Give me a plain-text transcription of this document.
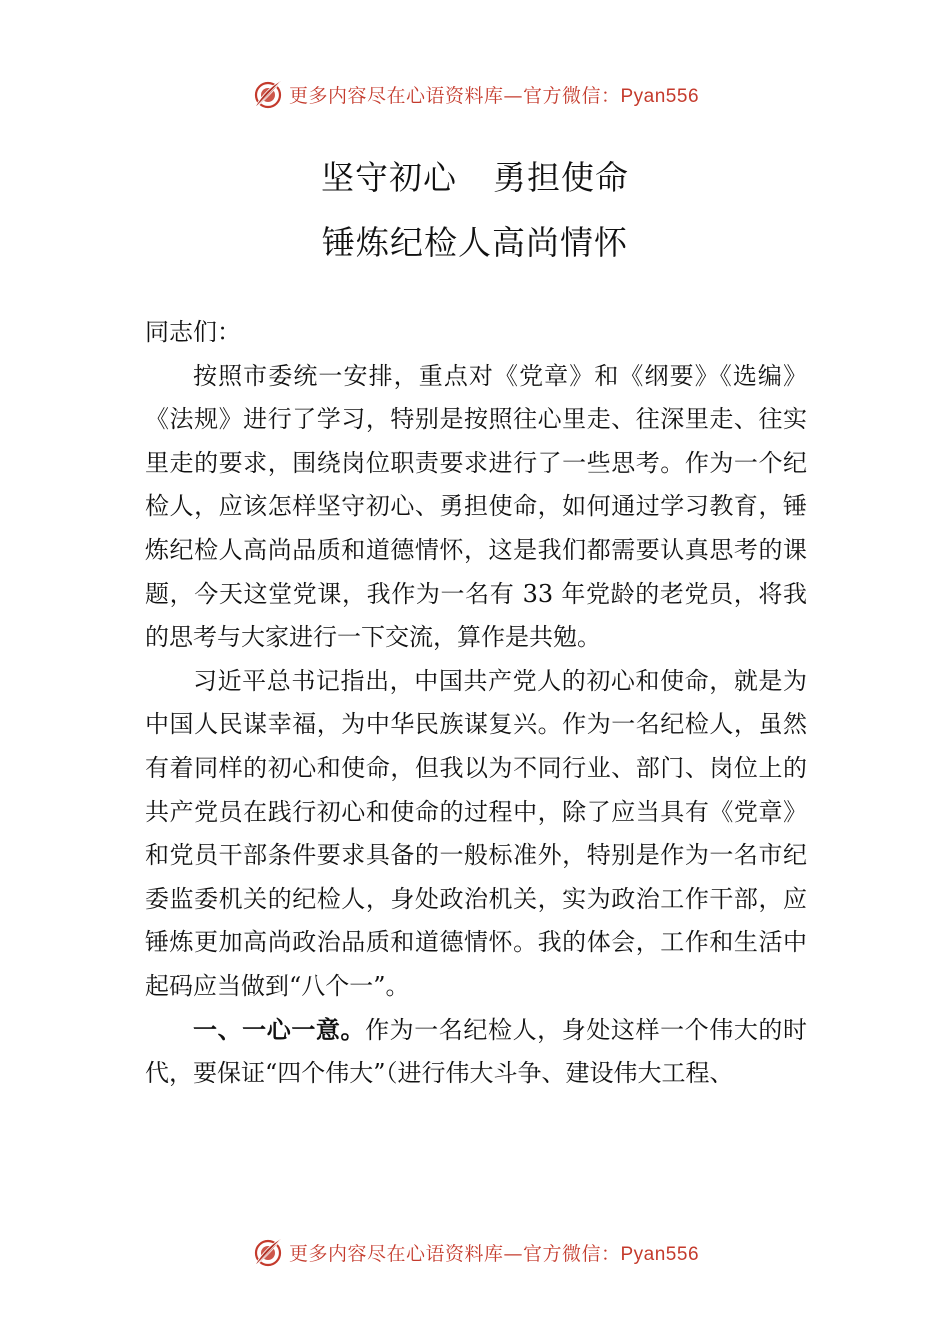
更多内容尽在心语资料库—官方微信：Pyan556
坚守初心 勇担使命
锤炼纪检人高尚情怀

同志们：

按照市委统一安排，重点对《党章》和《纲要》《选编》《法规》进行了学习，特别是按照往心里走、往深里走、往实里走的要求，围绕岗位职责要求进行了一些思考。作为一个纪检人，应该怎样坚守初心、勇担使命，如何通过学习教育，锤炼纪检人高尚品质和道德情怀，这是我们都需要认真思考的课题，今天这堂党课，我作为一名有 33 年党龄的老党员，将我的思考与大家进行一下交流，算作是共勉。

习近平总书记指出，中国共产党人的初心和使命，就是为中国人民谋幸福，为中华民族谋复兴。作为一名纪检人，虽然有着同样的初心和使命，但我以为不同行业、部门、岗位上的共产党员在践行初心和使命的过程中，除了应当具有《党章》和党员干部条件要求具备的一般标准外，特别是作为一名市纪委监委机关的纪检人，身处政治机关，实为政治工作干部，应锤炼更加高尚政治品质和道德情怀。我的体会，工作和生活中起码应当做到“八个一”。

一、一心一意。作为一名纪检人，身处这样一个伟大的时代，要保证“四个伟大”（进行伟大斗争、建设伟大工程、

更多内容尽在心语资料库—官方微信：Pyan556
